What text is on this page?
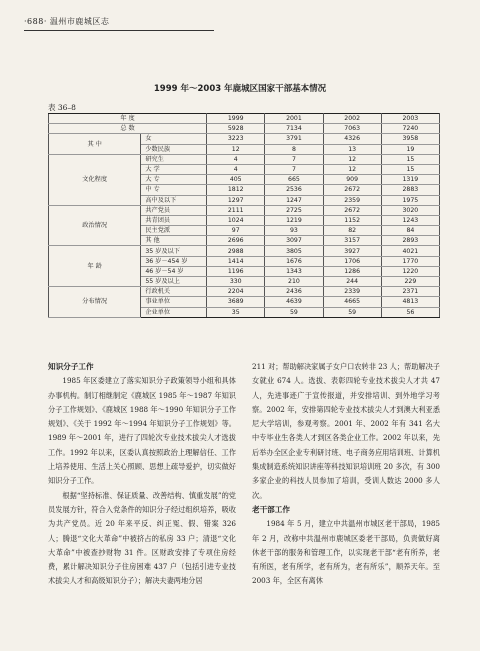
·688· 温州市鹿城区志
1999 年～2003 年鹿城区国家干部基本情况
表 36–8
年 度		1999	2001	2002	2003
总 数		5928	7134	7063	7240
其 中	女	3223	3791	4326	3958
	少数民族	12	8	13	19
文化程度	研究生	4	7	12	15
	大 学	4	7	12	15
	大 专	405	665	909	1319
	中 专	1812	2536	2672	2883
	高中及以下	1297	1247	2359	1975
政治情况	共产党员	2111	2725	2672	3020
	共青团员	1024	1219	1152	1243
	民主党派	97	93	82	84
	其 他	2696	3097	3157	2893
年 龄	35 岁及以下	2988	3805	3927	4021
	36 岁－454 岁	1414	1676	1706	1770
	46 岁－54 岁	1196	1343	1286	1220
	55 岁及以上	330	210	244	229
分布情况	行政机关	2204	2436	2339	2371
	事业单位	3689	4639	4665	4813
	企业单位	35	59	59	56

知识分子工作

1985 年区委建立了落实知识分子政策领导小组和具体办事机构。制订相继制定《鹿城区 1985 年～1987 年知识分子工作规划》、《鹿城区 1988 年～1990 年知识分子工作规划》、《关于 1992 年～1994 年知识分子工作规划》等。1989 年～2001 年，进行了四轮次专业技术拔尖人才选拔工作。1992 年以来，区委认真按照政治上理解信任、工作上培养使用、生活上关心照顾、思想上疏导爱护，切实做好知识分子工作。

根据“坚持标准、保证质量、改善结构、慎重发展”的党员发展方针，符合入党条件的知识分子经过组织培养，吸收为共产党员。近 20 年来平反、纠正冤、假、错案 326 人；腾退“文化大革命”中被挤占的私房 33 户；清退“文化大革命”中被查抄财物 31 件。区财政安排了专项住房经费，累计解决知识分子住房困难 437 户（包括引进专业技术拔尖人才和高级知识分子）；解决夫妻两地分居

211 对；帮助解决家属子女户口农转非 23 人；帮助解决子女就业 674 人。选拔、表彰四轮专业技术拔尖人才共 47 人，先进事迹广于宣传报道，并安排培训、到外地学习考察。2002 年，安排第四轮专业技术拔尖人才到澳大利亚悉尼大学培训，参观考察。2001 年、2002 年有 341 名大中专毕业生各类人才到区各类企业工作。2002 年以来，先后举办全区企业专利研讨班、电子商务应用培训班、计算机集成制造系统知识讲座等科技知识培训班 20 多次，有 300 多家企业的科技人员参加了培训，受训人数达 2000 多人次。

老干部工作

1984 年 5 月，建立中共温州市城区老干部局，1985 年 2 月，改称中共温州市鹿城区委老干部局，负责做好离休老干部的服务和管理工作，以实现老干部“老有所养，老有所医，老有所学，老有所为，老有所乐”，顺养天年。至 2003 年，全区有离休
